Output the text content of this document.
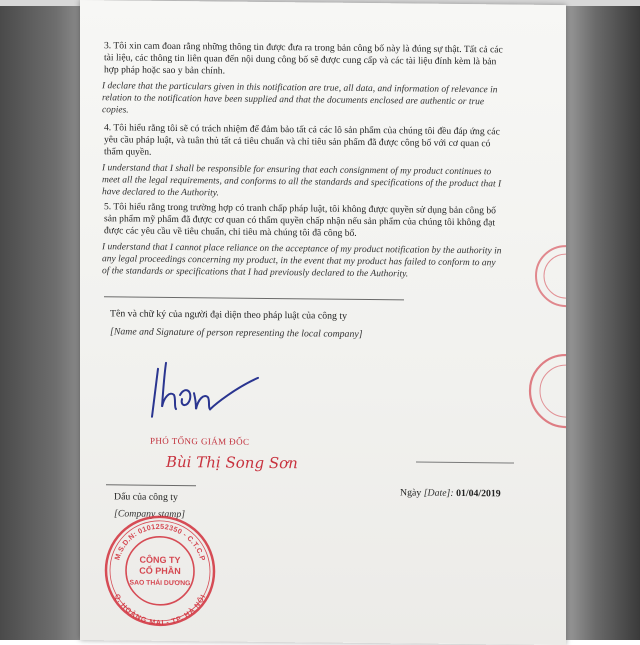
3. Tôi xin cam đoan rằng những thông tin được đưa ra trong bản công bố này là đúng sự thật. Tất cả các tài liệu, các thông tin liên quan đến nội dung công bố sẽ được cung cấp và các tài liệu đính kèm là bản hợp pháp hoặc sao y bản chính.
I declare that the particulars given in this notification are true, all data, and information of relevance in relation to the notification have been supplied and that the documents enclosed are authentic or true copies.
4. Tôi hiểu rằng tôi sẽ có trách nhiệm để đảm bảo tất cả các lô sản phẩm của chúng tôi đều đáp ứng các yêu cầu pháp luật, và tuân thủ tất cả tiêu chuẩn và chỉ tiêu sản phẩm đã được công bố với cơ quan có thẩm quyền.
I understand that I shall be responsible for ensuring that each consignment of my product continues to meet all the legal requirements, and conforms to all the standards and specifications of the product that I have declared to the Authority.
5. Tôi hiểu rằng trong trường hợp có tranh chấp pháp luật, tôi không được quyền sử dụng bản công bố sản phẩm mỹ phẩm đã được cơ quan có thẩm quyền chấp nhận nếu sản phẩm của chúng tôi không đạt được các yêu cầu về tiêu chuẩn, chỉ tiêu mà chúng tôi đã công bố.
I understand that I cannot place reliance on the acceptance of my product notification by the authority in any legal proceedings concerning my product, in the event that my product has failed to conform to any of the standards or specifications that I had previously declared to the Authority.
Tên và chữ ký của người đại diện theo pháp luật của công ty
[Name and Signature of person representing the local company]
PHÓ TỔNG GIÁM ĐỐC
Bùi Thị Song Sơn
Ngày [Date]: 01/04/2019
Dấu của công ty
[Company stamp]
M.S.D.N: 0101252350 - C.T.C.P
Q. HOÀNG MAI - TP. HÀ NỘI
CÔNG TY
CỔ PHẦN
SAO THÁI DƯƠNG
